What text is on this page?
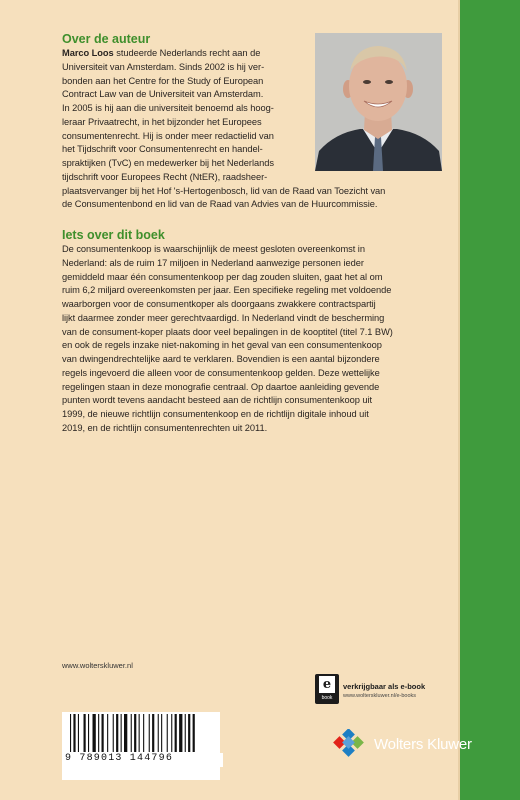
Over de auteur
Marco Loos studeerde Nederlands recht aan de
Universiteit van Amsterdam. Sinds 2002 is hij ver-
bonden aan het Centre for the Study of European
Contract Law van de Universiteit van Amsterdam.
In 2005 is hij aan die universiteit benoemd als hoog-
leraar Privaatrecht, in het bijzonder het Europees
consumentenrecht. Hij is onder meer redactielid van
het Tijdschrift voor Consumentenrecht en handel-
spraktijken (TvC) en medewerker bij het Nederlands
tijdschrift voor Europees Recht (NtER), raadsheer-
plaatsvervanger bij het Hof 's-Hertogenbosch, lid van de Raad van Toezicht van
de Consumentenbond en lid van de Raad van Advies van de Huurcommissie.
Iets over dit boek
De consumentenkoop is waarschijnlijk de meest gesloten overeenkomst in
Nederland: als de ruim 17 miljoen in Nederland aanwezige personen ieder
gemiddeld maar één consumentenkoop per dag zouden sluiten, gaat het al om
ruim 6,2 miljard overeenkomsten per jaar. Een specifieke regeling met voldoende
waarborgen voor de consumentkoper als doorgaans zwakkere contractspartij
lijkt daarmee zonder meer gerechtvaardigd. In Nederland vindt de bescherming
van de consument-koper plaats door veel bepalingen in de kooptitel (titel 7.1 BW)
en ook de regels inzake niet-nakoming in het geval van een consumentenkoop
van dwingendrechtelijke aard te verklaren. Bovendien is een aantal bijzondere
regels ingevoerd die alleen voor de consumentenkoop gelden. Deze wettelijke
regelingen staan in deze monografie centraal. Op daartoe aanleiding gevende
punten wordt tevens aandacht besteed aan de richtlijn consumentenkoop uit
1999, de nieuwe richtlijn consumentenkoop en de richtlijn digitale inhoud uit
2019, en de richtlijn consumentenrechten uit 2011.
www.wolterskluwer.nl
e
book
verkrijgbaar als e-book
www.wolterskluwer.nl/e-books
Wolters Kluwer
9 789013 144796
